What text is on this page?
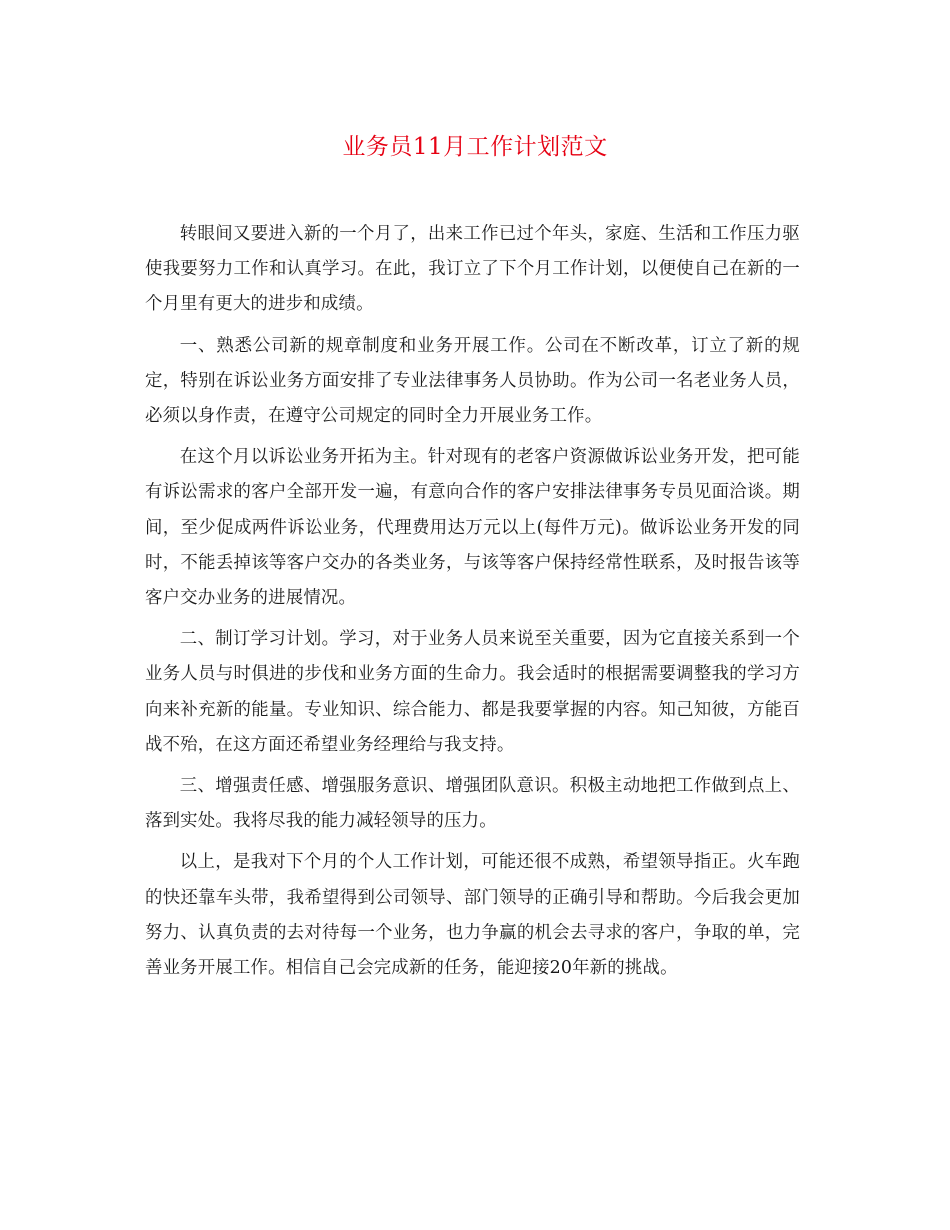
业务员11月工作计划范文

转眼间又要进入新的一个月了，出来工作已过个年头，家庭、生活和工作压力驱使我要努力工作和认真学习。在此，我订立了下个月工作计划，以便使自己在新的一个月里有更大的进步和成绩。

一、熟悉公司新的规章制度和业务开展工作。公司在不断改革，订立了新的规定，特别在诉讼业务方面安排了专业法律事务人员协助。作为公司一名老业务人员，必须以身作责，在遵守公司规定的同时全力开展业务工作。

在这个月以诉讼业务开拓为主。针对现有的老客户资源做诉讼业务开发，把可能有诉讼需求的客户全部开发一遍，有意向合作的客户安排法律事务专员见面洽谈。期间，至少促成两件诉讼业务，代理费用达万元以上(每件万元)。做诉讼业务开发的同时，不能丢掉该等客户交办的各类业务，与该等客户保持经常性联系，及时报告该等客户交办业务的进展情况。

二、制订学习计划。学习，对于业务人员来说至关重要，因为它直接关系到一个业务人员与时俱进的步伐和业务方面的生命力。我会适时的根据需要调整我的学习方向来补充新的能量。专业知识、综合能力、都是我要掌握的内容。知己知彼，方能百战不殆，在这方面还希望业务经理给与我支持。

三、增强责任感、增强服务意识、增强团队意识。积极主动地把工作做到点上、落到实处。我将尽我的能力减轻领导的压力。

以上，是我对下个月的个人工作计划，可能还很不成熟，希望领导指正。火车跑的快还靠车头带，我希望得到公司领导、部门领导的正确引导和帮助。今后我会更加努力、认真负责的去对待每一个业务，也力争赢的机会去寻求的客户，争取的单，完善业务开展工作。相信自己会完成新的任务，能迎接20年新的挑战。
